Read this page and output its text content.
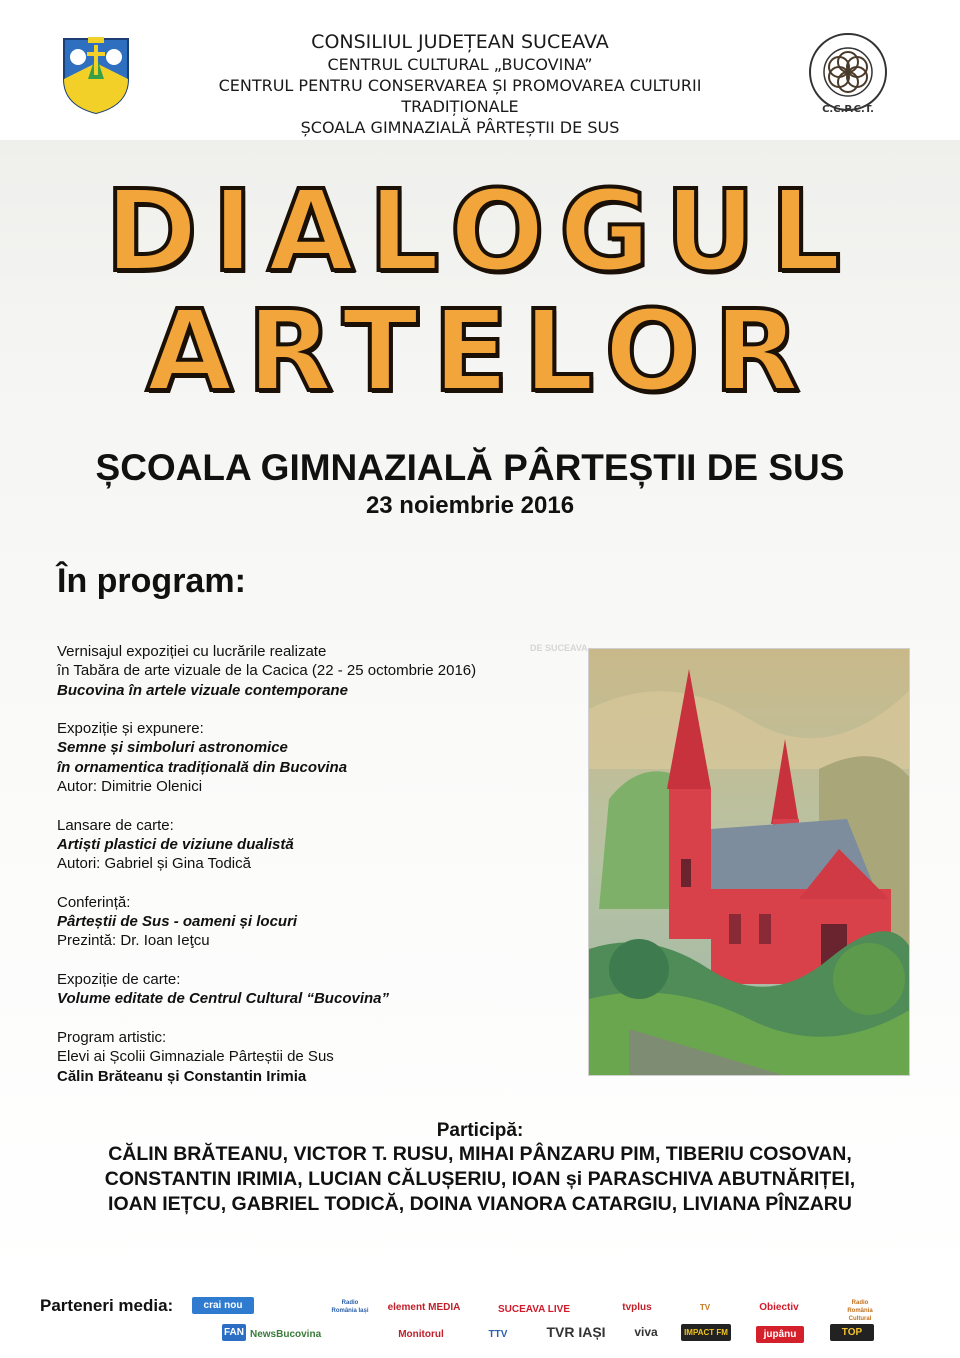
CONSILIUL JUDEȚEAN SUCEAVA
CENTRUL CULTURAL „BUCOVINA”
CENTRUL PENTRU CONSERVAREA ȘI PROMOVAREA CULTURII TRADIȚIONALE
ȘCOALA GIMNAZIALĂ PÂRTEȘTII DE SUS
C.C.P.C.T.
DIALOGUL
ARTELOR
ȘCOALA GIMNAZIALĂ PÂRTEȘTII DE SUS
23 noiembrie 2016
În program:
Vernisajul expoziției cu lucrările realizate
în Tabăra de arte vizuale de la Cacica (22 - 25 octombrie 2016)
Bucovina în artele vizuale contemporane
Expoziție și expunere:
Semne și simboluri astronomice
în ornamentica tradițională din Bucovina
Autor: Dimitrie Olenici
Lansare de carte:
Artiști plastici de viziune dualistă
Autori: Gabriel și Gina Todică
Conferință:
Pârteștii de Sus - oameni și locuri
Prezintă: Dr. Ioan Ieţcu
Expoziție de carte:
Volume editate de Centrul Cultural “Bucovina”
Program artistic:
Elevi ai Școlii Gimnaziale Pârteștii de Sus
Călin Brăteanu și Constantin Irimia
DE SUCEAVA
Participă:
CĂLIN BRĂTEANU, VICTOR T. RUSU, MIHAI PÂNZARU PIM, TIBERIU COSOVAN,
CONSTANTIN IRIMIA, LUCIAN CĂLUȘERIU, IOAN și PARASCHIVA ABUTNĂRIȚEI,
IOAN IEȚCU, GABRIEL TODICĂ, DOINA VIANORA CATARGIU, LIVIANA PÎNZARU
Parteneri media:	crai nou	Radio România Iași element MEDIA	SUCEAVA LIVE	tvplus	TV	Obiectiv	Radio România Cultural
FAN NewsBucovina	Monitorul	TTV	TVR IAȘI	viva	IMPACT FM	jupânu	TOP
